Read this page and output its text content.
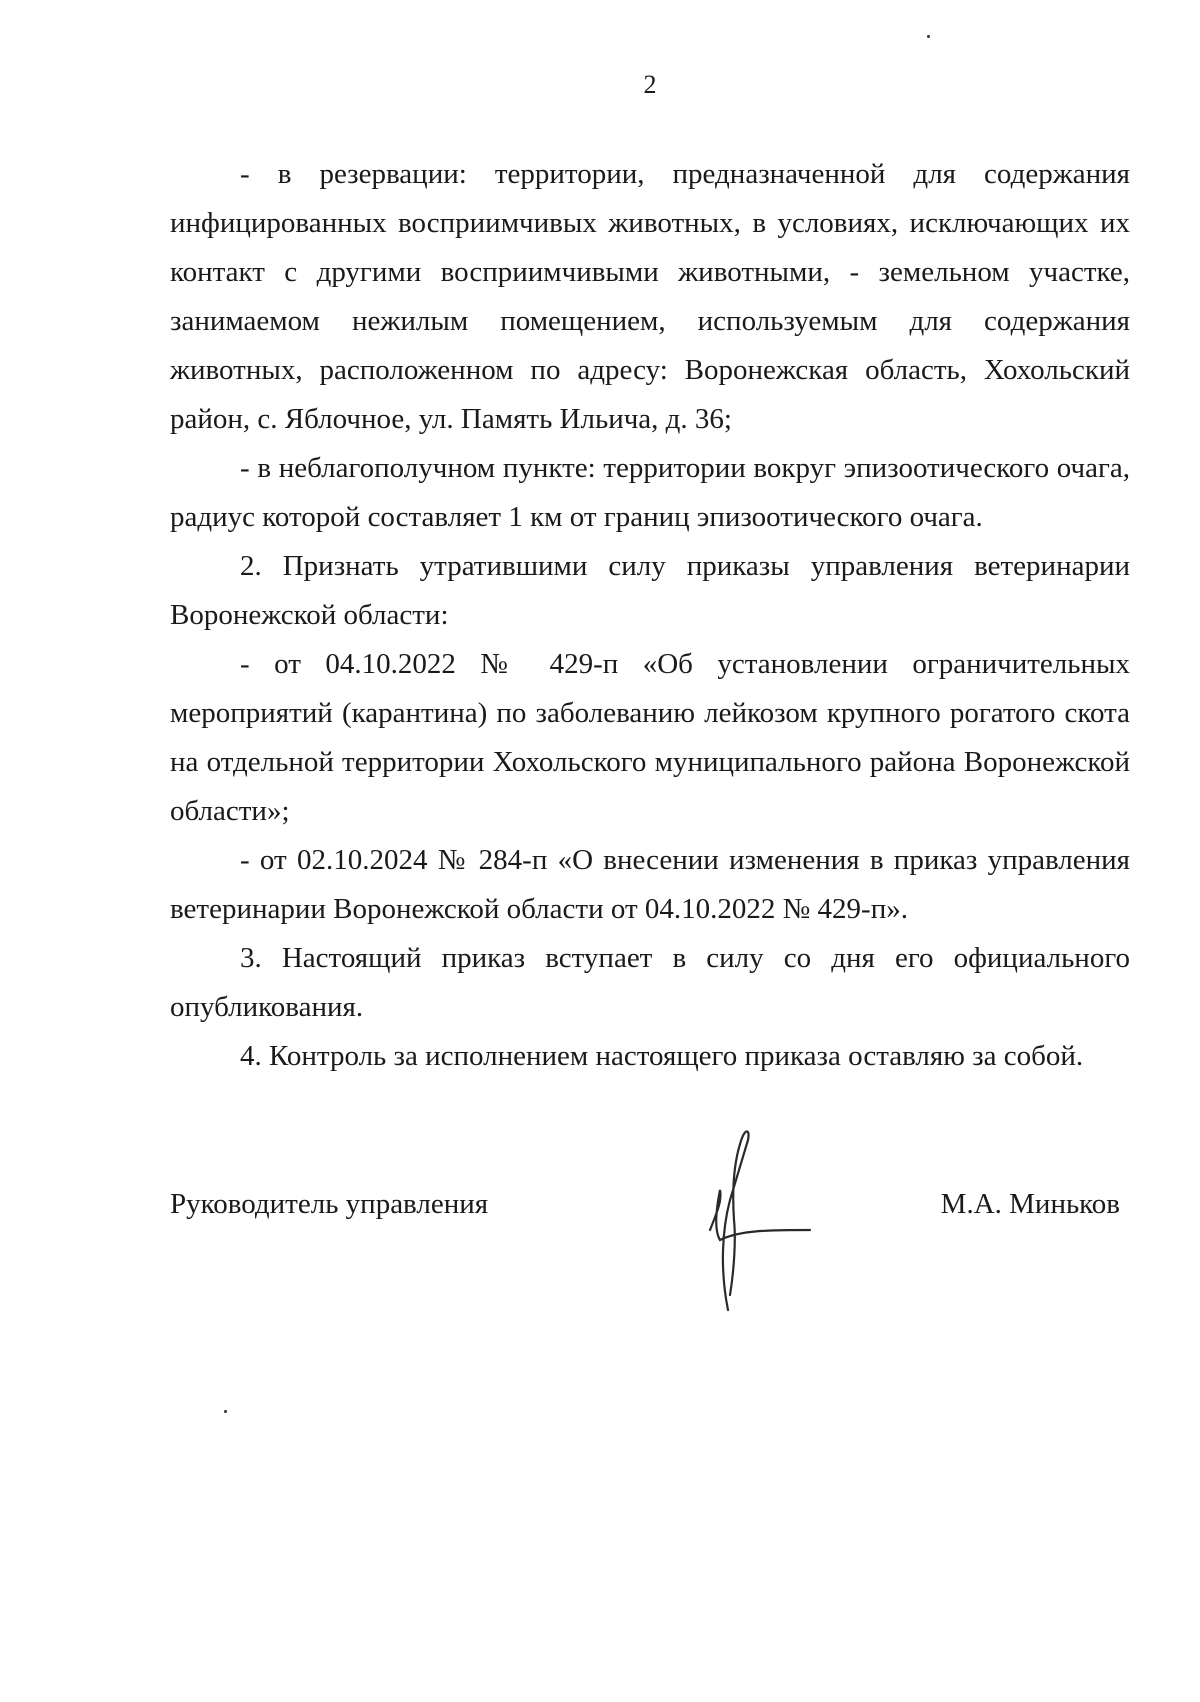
2

- в резервации: территории, предназначенной для содержания инфицированных восприимчивых животных, в условиях, исключающих их контакт с другими восприимчивыми животными, - земельном участке, занимаемом нежилым помещением, используемым для содержания животных, расположенном по адресу: Воронежская область, Хохольский район, с. Яблочное, ул. Память Ильича, д. 36;

- в неблагополучном пункте: территории вокруг эпизоотического очага, радиус которой составляет 1 км от границ эпизоотического очага.

2. Признать утратившими силу приказы управления ветеринарии Воронежской области:

- от 04.10.2022 № 429-п «Об установлении ограничительных мероприятий (карантина) по заболеванию лейкозом крупного рогатого скота на отдельной территории Хохольского муниципального района Воронежской области»;

- от 02.10.2024 № 284-п «О внесении изменения в приказ управления ветеринарии Воронежской области от 04.10.2022 № 429-п».

3. Настоящий приказ вступает в силу со дня его официального опубликования.

4. Контроль за исполнением настоящего приказа оставляю за собой.

Руководитель управления	М.А. Миньков
